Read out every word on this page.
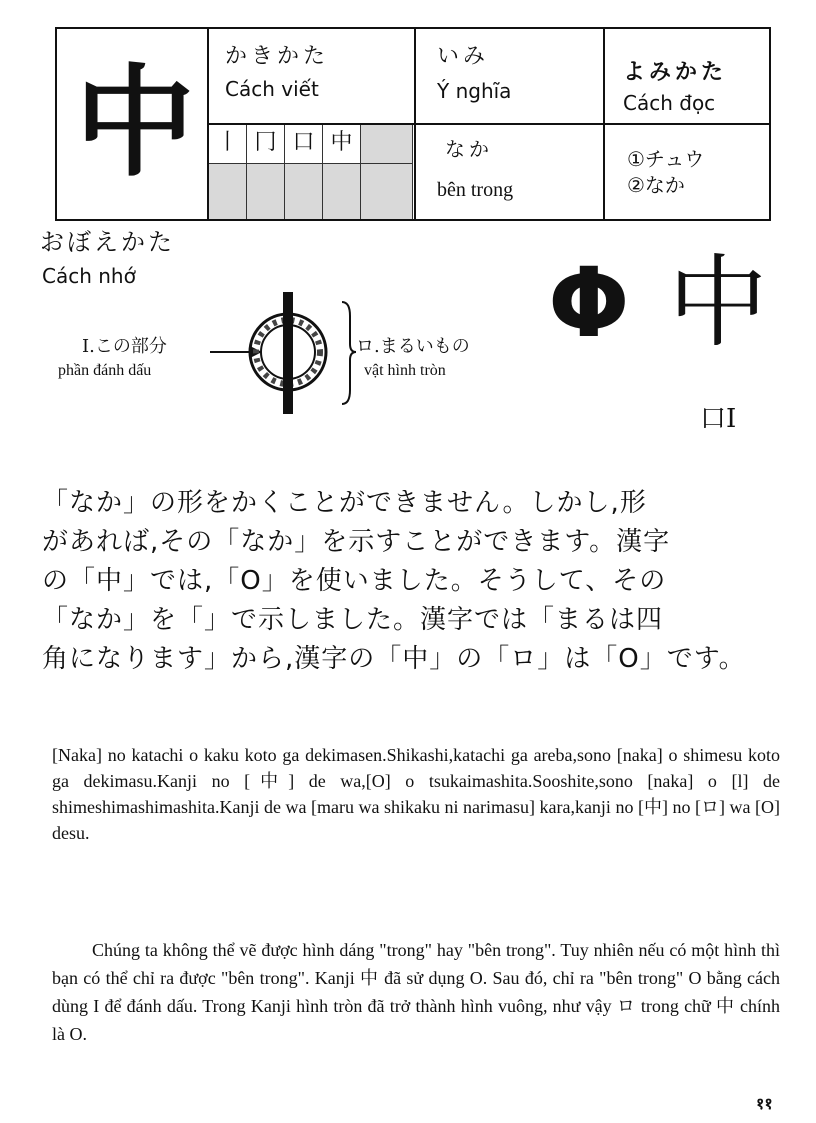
中 かきかた
Cách viết
丨 冂 口 中
いみ
Ý nghĩa
なか
bên trong
よみかた
Cách đọc
①チュウ
②なか
おぼえかた
Cách nhớ
I.この部分
phần đánh dấu
ロ.まるいもの
vật hình tròn
Φ 中
口I
「なか」の形をかくことができません。しかし,形
があれば,その「なか」を示すことができます。漢字
の「中」では,「O」を使いました。そうして、その
「なか」を「」で示しました。漢字では「まるは四
角になります」から,漢字の「中」の「ロ」は「O」です。
[Naka] no katachi o kaku koto ga dekimasen.Shikashi,katachi ga areba,sono [naka] o shimesu koto ga dekimasu.Kanji no [中] de wa,[O] o tsukaimashita.Sooshite,sono [naka] o [l] de shimeshimashimashita.Kanji de wa [maru wa shikaku ni narimasu] kara,kanji no [中] no [ロ] wa [O] desu.
Chúng ta không thể vẽ được hình dáng "trong" hay "bên trong". Tuy nhiên nếu có một hình thì bạn có thể chỉ ra được "bên trong". Kanji 中 đã sử dụng O. Sau đó, chỉ ra "bên trong" O bằng cách dùng I để đánh dấu. Trong Kanji hình tròn đã trở thành hình vuông, như vậy ロ trong chữ 中 chính là O.
११
